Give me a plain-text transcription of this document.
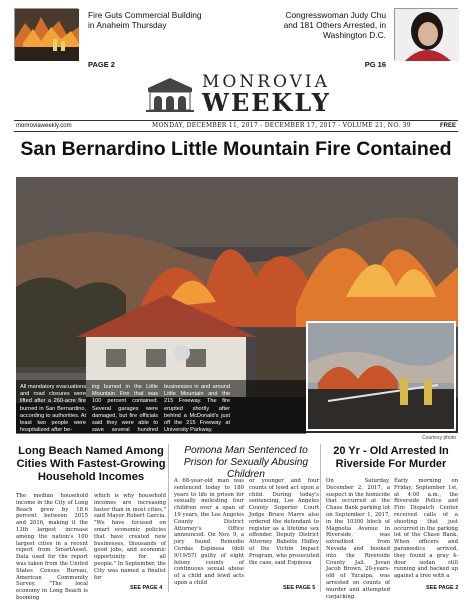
Fire Guts Commercial Building in Anaheim Thursday
PAGE 2
Congresswoman Judy Chu and 181 Others Arrested, in Washington D.C.
PG 16
MONROVIA
WEEKLY
monroviaweekly.com	MONDAY, DECEMBER 11, 2017 - DECEMBER 17, 2017 - VOLUME 21, NO. 39	FREE
San Bernardino Little Mountain Fire Contained
All mandatory evacuations and road closures were lifted after a 260-acre fire burned in San Bernardino, according to authorities. At least two people were hospitalized after be-
ing burned in the Little Mountain Fire that was 100 percent contained. Several garages were damaged, but fire officials said they were able to save several hundred homes and
businesses in and around Little Mountain and the 215 Freeway. The fire erupted shortly after behind a McDonald's just off the 215 Freeway at University Parkway.
Courtesy photo
Long Beach Named Among Cities With Fastest-Growing Household Incomes
The median household income in the City of Long Beach grew by 18.6 percent between 2015 and 2016, making it the 13th largest increase among the nation's 100 largest cities in a recent report from SmartAsset. Data used for the report was taken from the United States Census Bureau, American Community Survey. "The local economy in Long Beach is booming
which is why household incomes are increasing faster than in most cities," said Mayor Robert Garcia. "We have focused on smart economic policies that have created new businesses, thousands of good jobs, and economic opportunity for all people." In September, the City was named a finalist for
SEE PAGE 4
Pomona Man Sentenced to Prison for Sexually Abusing Children
A 68-year-old man was sentenced today to 180 years to life in prison for sexually molesting four children over a span of 19 years, the Los Angeles County District Attorney's Office announced. On Nov. 9, a jury found Remedio Cerdas Espinosa (dob 9/19/57) guilty of eight felony counts of continuous sexual abuse of a child and lewd acts upon a child
or younger and four counts of lewd act upon a child. During today's sentencing, Los Angeles County Superior Court Judge Bruce Marrs also ordered the defendant to register as a lifetime sex offender. Deputy District Attorney Babette Hidley of the Victim Impact Program, who prosecuted the case, said Espinosa
SEE PAGE 5
20 Yr - Old Arrested In Riverside For Murder
On Saturday, December 2, 2017, a suspect in the homicide that occurred at the Chase Bank parking lot on September 1, 2017, in the 10300 block of Magnolia Avenue in Riverside, was extradited from Nevada and booked into the Riverside County Jail. Jovan Jacob Brown, 20-years-old of Yucaipa, was arrested on counts of murder and attempted carjacking.
Early morning on Friday, September 1st, at 4:00 a.m., the Riverside Police and Fire Dispatch Center received calls of a shooting that just occurred in the parking lot of the Chase Bank. When officers and paramedics arrived, they found a gray 4-door sedan still running and backed up against a tree with a
SEE PAGE 2
